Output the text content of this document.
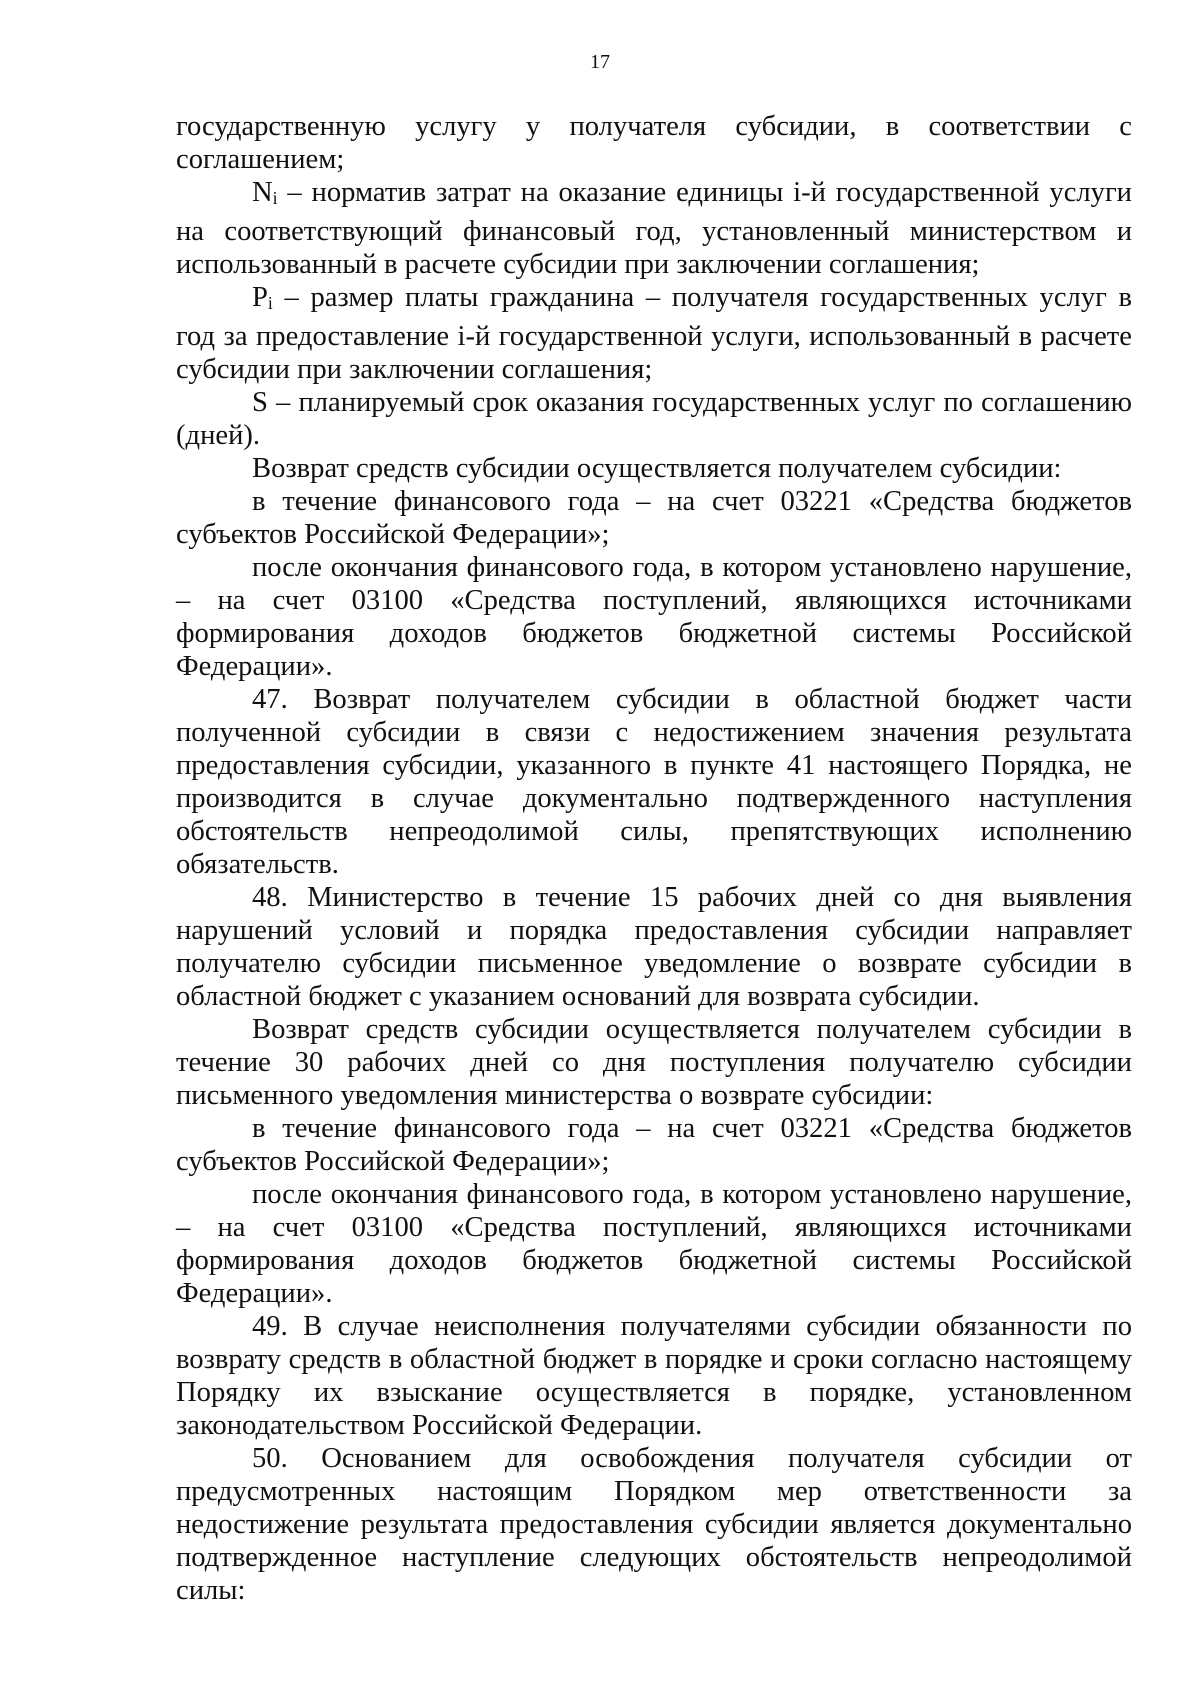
17

государственную услугу у получателя субсидии, в соответствии с соглашением;

Ni – норматив затрат на оказание единицы i-й государственной услуги на соответствующий финансовый год, установленный министерством и использованный в расчете субсидии при заключении соглашения;

Pi – размер платы гражданина – получателя государственных услуг в год за предоставление i-й государственной услуги, использованный в расчете субсидии при заключении соглашения;

S – планируемый срок оказания государственных услуг по соглашению (дней).

Возврат средств субсидии осуществляется получателем субсидии:

в течение финансового года – на счет 03221 «Средства бюджетов субъектов Российской Федерации»;

после окончания финансового года, в котором установлено нарушение, – на счет 03100 «Средства поступлений, являющихся источниками формирования доходов бюджетов бюджетной системы Российской Федерации».

47. Возврат получателем субсидии в областной бюджет части полученной субсидии в связи с недостижением значения результата предоставления субсидии, указанного в пункте 41 настоящего Порядка, не производится в случае документально подтвержденного наступления обстоятельств непреодолимой силы, препятствующих исполнению обязательств.

48. Министерство в течение 15 рабочих дней со дня выявления нарушений условий и порядка предоставления субсидии направляет получателю субсидии письменное уведомление о возврате субсидии в областной бюджет с указанием оснований для возврата субсидии.

Возврат средств субсидии осуществляется получателем субсидии в течение 30 рабочих дней со дня поступления получателю субсидии письменного уведомления министерства о возврате субсидии:

в течение финансового года – на счет 03221 «Средства бюджетов субъектов Российской Федерации»;

после окончания финансового года, в котором установлено нарушение, – на счет 03100 «Средства поступлений, являющихся источниками формирования доходов бюджетов бюджетной системы Российской Федерации».

49. В случае неисполнения получателями субсидии обязанности по возврату средств в областной бюджет в порядке и сроки согласно настоящему Порядку их взыскание осуществляется в порядке, установленном законодательством Российской Федерации.

50. Основанием для освобождения получателя субсидии от предусмотренных настоящим Порядком мер ответственности за недостижение результата предоставления субсидии является документально подтвержденное наступление следующих обстоятельств непреодолимой силы:
